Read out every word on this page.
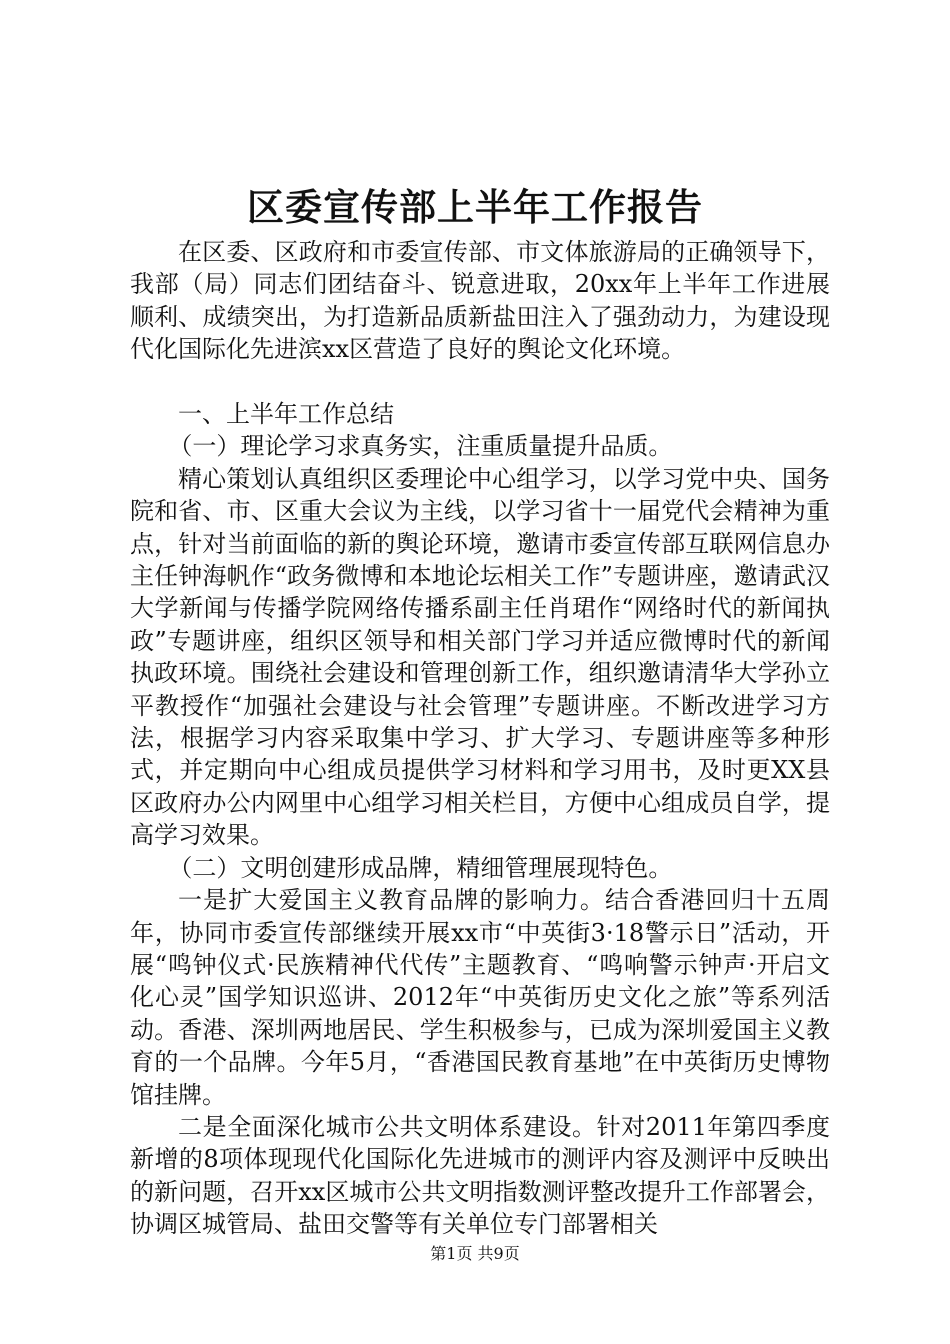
区委宣传部上半年工作报告

在区委、区政府和市委宣传部、市文体旅游局的正确领导下，我部（局）同志们团结奋斗、锐意进取，20xx年上半年工作进展顺利、成绩突出，为打造新品质新盐田注入了强劲动力，为建设现代化国际化先进滨xx区营造了良好的舆论文化环境。

一、上半年工作总结

（一）理论学习求真务实，注重质量提升品质。

精心策划认真组织区委理论中心组学习，以学习党中央、国务院和省、市、区重大会议为主线，以学习省十一届党代会精神为重点，针对当前面临的新的舆论环境，邀请市委宣传部互联网信息办主任钟海帆作“政务微博和本地论坛相关工作”专题讲座，邀请武汉大学新闻与传播学院网络传播系副主任肖珺作“网络时代的新闻执政”专题讲座，组织区领导和相关部门学习并适应微博时代的新闻执政环境。围绕社会建设和管理创新工作，组织邀请清华大学孙立平教授作“加强社会建设与社会管理”专题讲座。不断改进学习方法，根据学习内容采取集中学习、扩大学习、专题讲座等多种形式，并定期向中心组成员提供学习材料和学习用书，及时更XX县区政府办公内网里中心组学习相关栏目，方便中心组成员自学，提高学习效果。

（二）文明创建形成品牌，精细管理展现特色。

一是扩大爱国主义教育品牌的影响力。结合香港回归十五周年，协同市委宣传部继续开展xx市“中英街3·18警示日”活动，开展“鸣钟仪式·民族精神代代传”主题教育、“鸣响警示钟声·开启文化心灵”国学知识巡讲、2012年“中英街历史文化之旅”等系列活动。香港、深圳两地居民、学生积极参与，已成为深圳爱国主义教育的一个品牌。今年5月，“香港国民教育基地”在中英街历史博物馆挂牌。

二是全面深化城市公共文明体系建设。针对2011年第四季度新增的8项体现现代化国际化先进城市的测评内容及测评中反映出的新问题，召开xx区城市公共文明指数测评整改提升工作部署会，协调区城管局、盐田交警等有关单位专门部署相关

第1页 共9页
